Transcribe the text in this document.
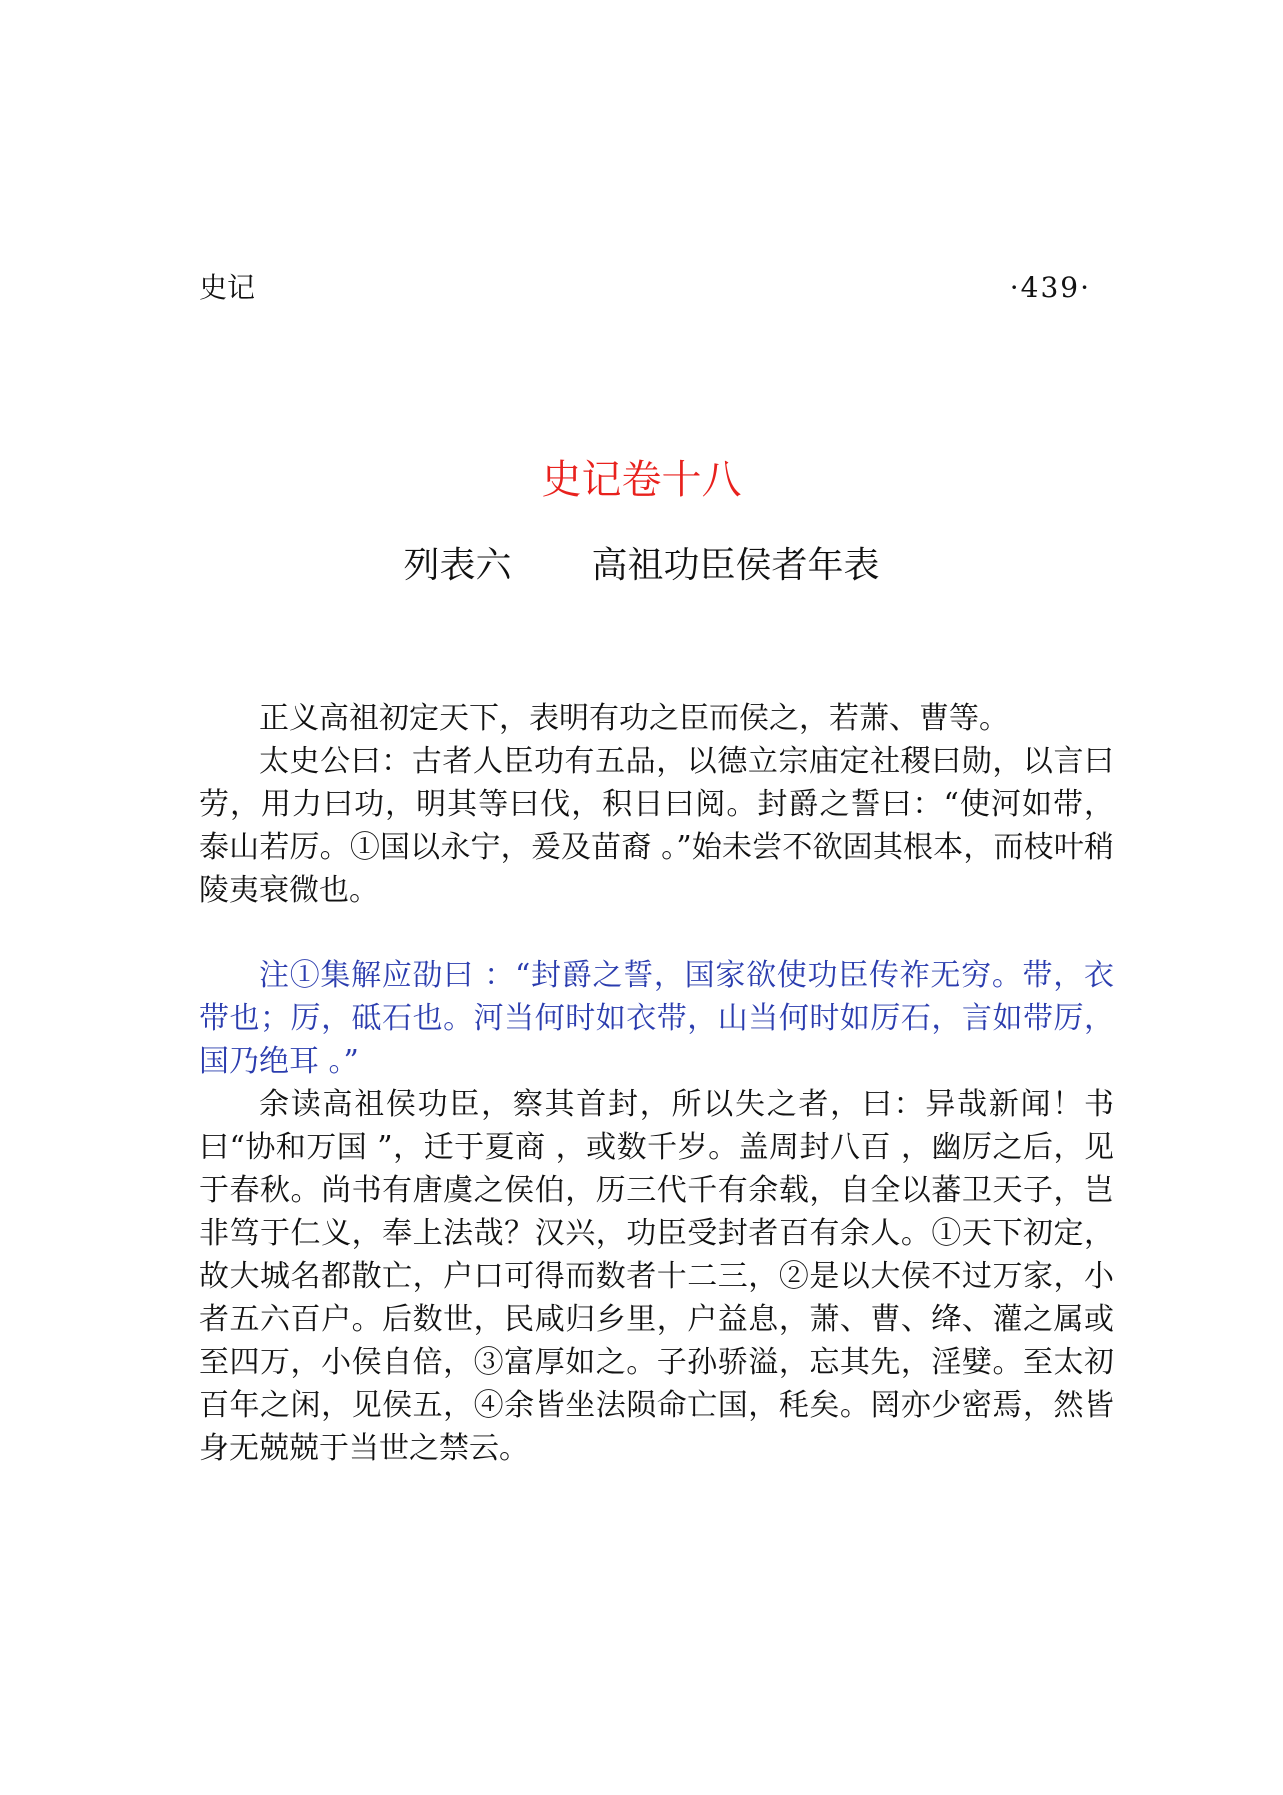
史记	·439·
史记卷十八
列表六 高祖功臣侯者年表

正义高祖初定天下，表明有功之臣而侯之，若萧、曹等。

太史公曰：古者人臣功有五品，以德立宗庙定社稷曰勋，以言曰劳，用力曰功，明其等曰伐，积日曰阅。封爵之誓曰：“使河如带，泰山若厉。①国以永宁，爰及苗裔 。”始未尝不欲固其根本，而枝叶稍陵夷衰微也。

注①集解应劭曰 ：“封爵之誓，国家欲使功臣传祚无穷。带，衣带也；厉，砥石也。河当何时如衣带，山当何时如厉石，言如带厉，国乃绝耳 。”

余读高祖侯功臣，察其首封，所以失之者，曰：异哉新闻！书曰“协和万国 ”，迁于夏商 ，或数千岁。盖周封八百 ，幽厉之后，见于春秋。尚书有唐虞之侯伯，历三代千有余载，自全以蕃卫天子，岂非笃于仁义，奉上法哉？汉兴，功臣受封者百有余人。①天下初定，故大城名都散亡，户口可得而数者十二三，②是以大侯不过万家，小者五六百户。后数世，民咸归乡里，户益息，萧、曹、绛、灌之属或至四万，小侯自倍，③富厚如之。子孙骄溢，忘其先，淫嬖。至太初百年之闲，见侯五，④余皆坐法陨命亡国，秏矣。罔亦少密焉，然皆身无兢兢于当世之禁云。
